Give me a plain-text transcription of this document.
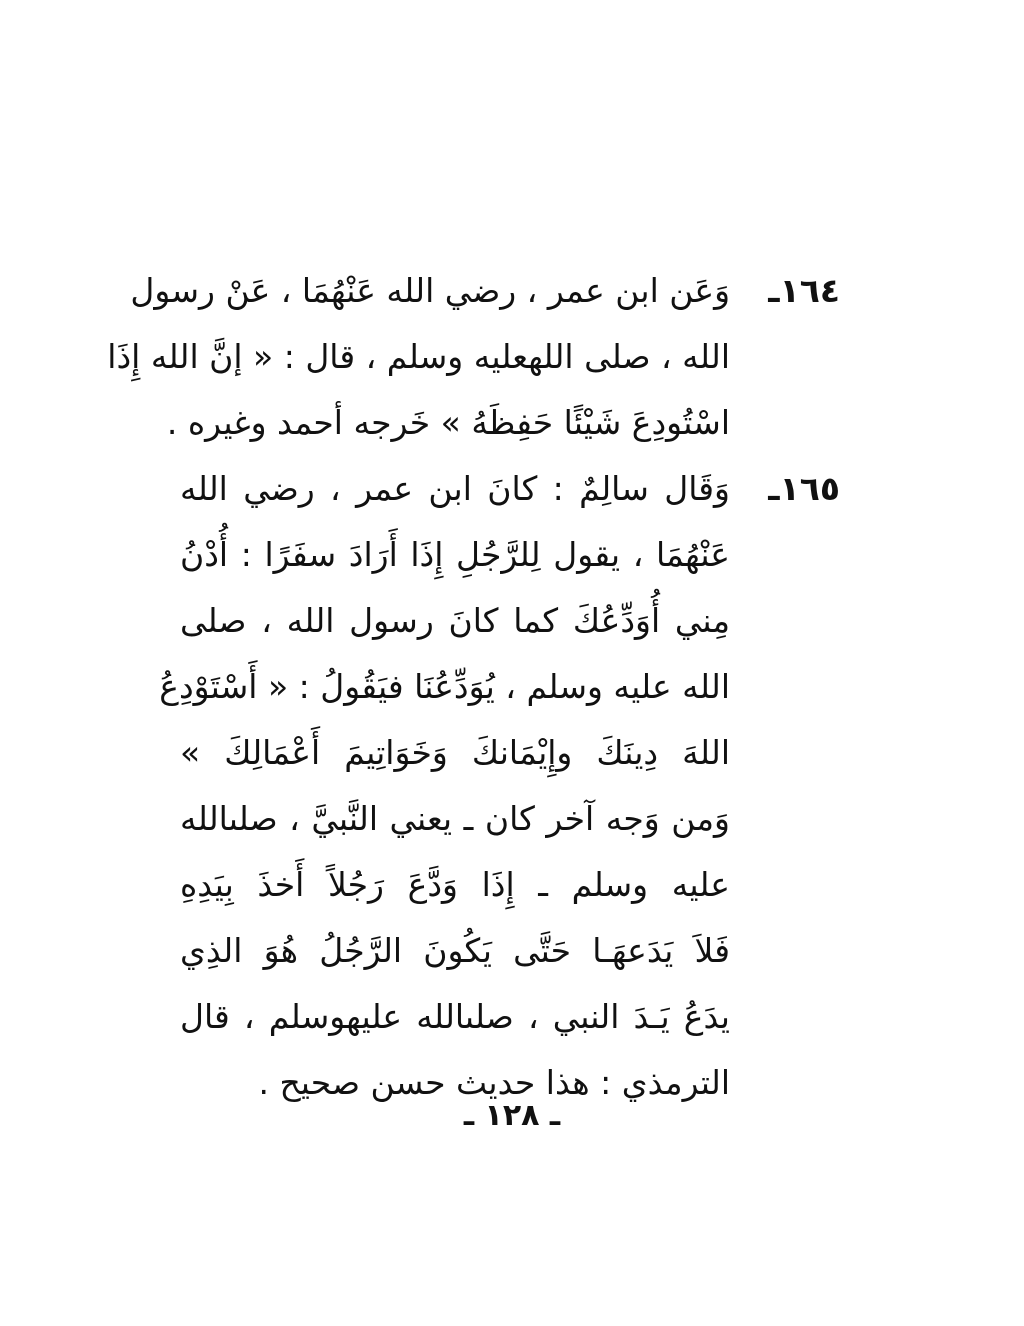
١٦٤ـ
وَعَن ابن عمر ، رضي الله عَنْهُمَا ، عَنْ رسول
الله ، صلى اللهعليه وسلم ، قال : « إنَّ الله إِذَا
اسْتُودِعَ شَيْئًا حَفِظَهُ » خَرجه أحمد وغيره .
١٦٥ـ
وَقَال سالِمٌ : كانَ ابن عمر ، رضي الله
عَنْهُمَا ، يقول لِلرَّجُلِ إِذَا أَرَادَ سفَرًا : أُدْنُ
مِني أُوَدِّعُكَ كما كانَ رسول الله ، صلى
الله عليه وسلم ، يُوَدِّعُنَا فيَقُولُ : « أَسْتَوْدِعُ
اللهَ دِينَكَ وإِيْمَانكَ وَخَوَاتِيمَ أَعْمَالِكَ »
وَمن وَجه آخر كان ـ يعني النَّبيَّ ، صلىالله
عليه وسلم ـ إِذَا وَدَّعَ رَجُلاً أَخذَ بِيَدِهِ
فَلاَ يَدَعهَـا حَتَّى يَكُونَ الرَّجُلُ هُوَ الذِي
يدَعُ يَـدَ النبي ، صلىالله عليهوسلم ، قال
الترمذي : هذا حديث حسن صحيح .
ـ ١٢٨ ـ
